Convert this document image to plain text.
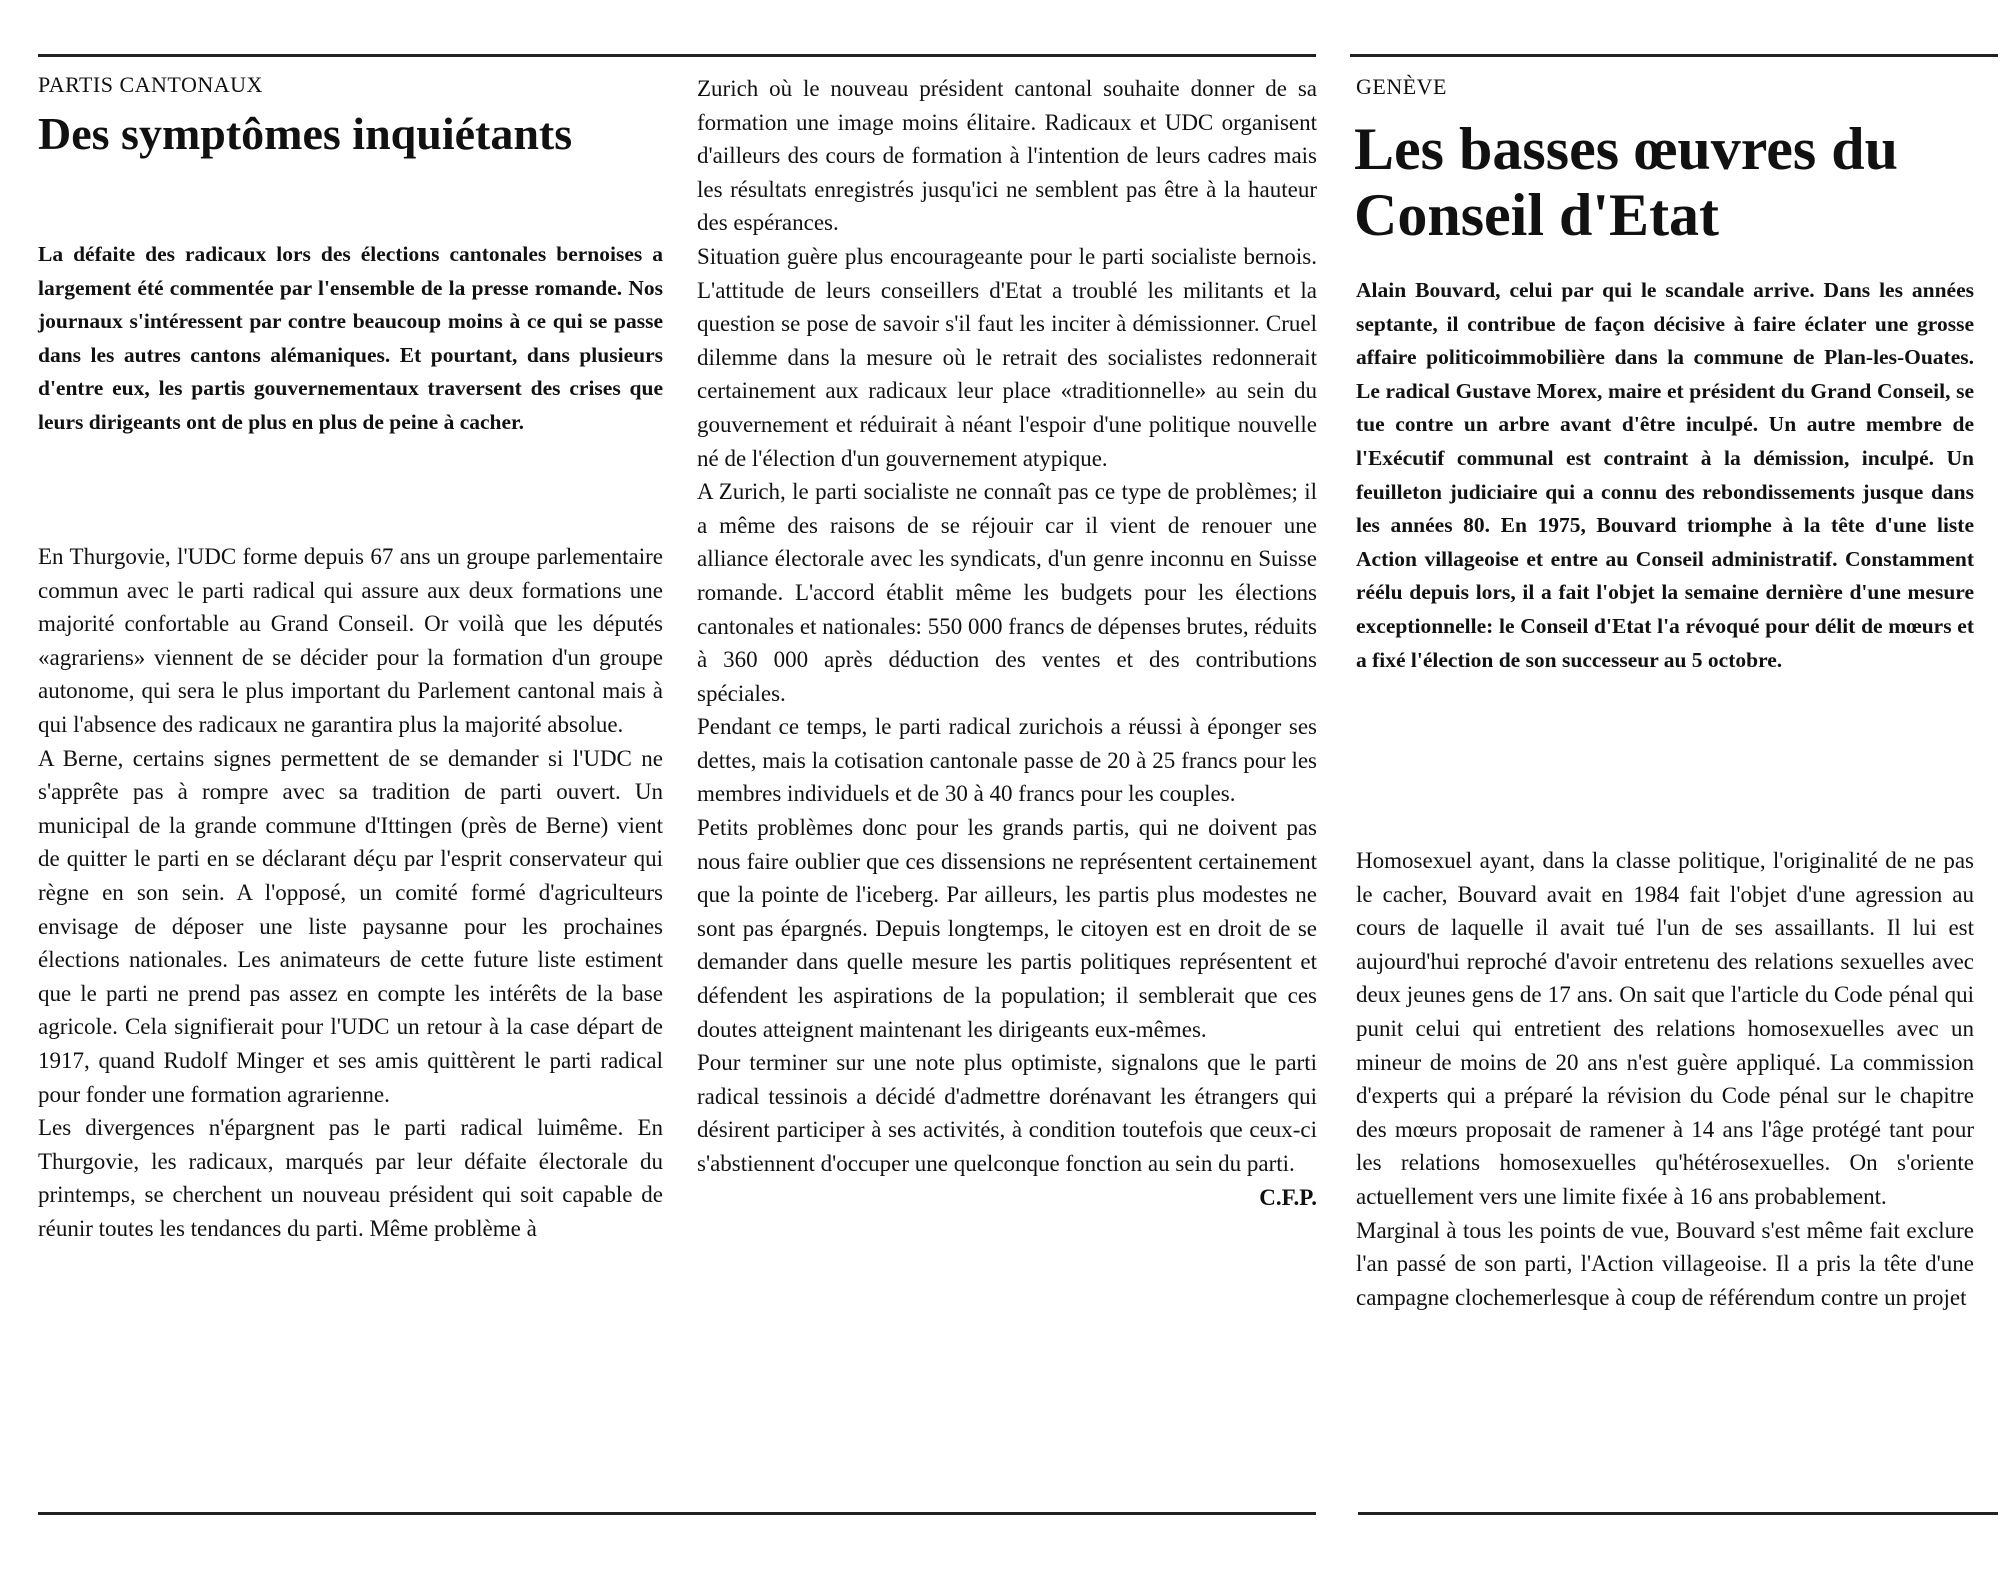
PARTIS CANTONAUX
Des symptômes inquiétants

La défaite des radicaux lors des élections cantonales bernoises a largement été commentée par l'ensemble de la presse romande. Nos journaux s'intéressent par contre beaucoup moins à ce qui se passe dans les autres cantons alémaniques. Et pourtant, dans plusieurs d'entre eux, les partis gouvernementaux traversent des crises que leurs dirigeants ont de plus en plus de peine à cacher.

En Thurgovie, l'UDC forme depuis 67 ans un groupe parlementaire commun avec le parti radical qui assure aux deux formations une majorité confortable au Grand Conseil. Or voilà que les députés «agrariens» viennent de se décider pour la formation d'un groupe autonome, qui sera le plus important du Parlement cantonal mais à qui l'absence des radicaux ne garantira plus la majorité absolue.

A Berne, certains signes permettent de se demander si l'UDC ne s'apprête pas à rompre avec sa tradition de parti ouvert. Un municipal de la grande commune d'Ittingen (près de Berne) vient de quitter le parti en se déclarant déçu par l'esprit conservateur qui règne en son sein. A l'opposé, un comité formé d'agriculteurs envisage de déposer une liste paysanne pour les prochaines élections nationales. Les animateurs de cette future liste estiment que le parti ne prend pas assez en compte les intérêts de la base agricole. Cela signifierait pour l'UDC un retour à la case départ de 1917, quand Rudolf Minger et ses amis quittèrent le parti radical pour fonder une formation agrarienne.

Les divergences n'épargnent pas le parti radical luimême. En Thurgovie, les radicaux, marqués par leur défaite électorale du printemps, se cherchent un nouveau président qui soit capable de réunir toutes les tendances du parti. Même problème à

Zurich où le nouveau président cantonal souhaite donner de sa formation une image moins élitaire. Radicaux et UDC organisent d'ailleurs des cours de formation à l'intention de leurs cadres mais les résultats enregistrés jusqu'ici ne semblent pas être à la hauteur des espérances.

Situation guère plus encourageante pour le parti socialiste bernois. L'attitude de leurs conseillers d'Etat a troublé les militants et la question se pose de savoir s'il faut les inciter à démissionner. Cruel dilemme dans la mesure où le retrait des socialistes redonnerait certainement aux radicaux leur place «traditionnelle» au sein du gouvernement et réduirait à néant l'espoir d'une politique nouvelle né de l'élection d'un gouvernement atypique.

A Zurich, le parti socialiste ne connaît pas ce type de problèmes; il a même des raisons de se réjouir car il vient de renouer une alliance électorale avec les syndicats, d'un genre inconnu en Suisse romande. L'accord établit même les budgets pour les élections cantonales et nationales: 550 000 francs de dépenses brutes, réduits à 360 000 après déduction des ventes et des contributions spéciales.

Pendant ce temps, le parti radical zurichois a réussi à éponger ses dettes, mais la cotisation cantonale passe de 20 à 25 francs pour les membres individuels et de 30 à 40 francs pour les couples.

Petits problèmes donc pour les grands partis, qui ne doivent pas nous faire oublier que ces dissensions ne représentent certainement que la pointe de l'iceberg. Par ailleurs, les partis plus modestes ne sont pas épargnés. Depuis longtemps, le citoyen est en droit de se demander dans quelle mesure les partis politiques représentent et défendent les aspirations de la population; il semblerait que ces doutes atteignent maintenant les dirigeants eux-mêmes.

Pour terminer sur une note plus optimiste, signalons que le parti radical tessinois a décidé d'admettre dorénavant les étrangers qui désirent participer à ses activités, à condition toutefois que ceux-ci s'abstiennent d'occuper une quelconque fonction au sein du parti.
C.F.P.

GENÈVE
Les basses œuvres du Conseil d'Etat

Alain Bouvard, celui par qui le scandale arrive. Dans les années septante, il contribue de façon décisive à faire éclater une grosse affaire politicoimmobilière dans la commune de Plan-les-Ouates. Le radical Gustave Morex, maire et président du Grand Conseil, se tue contre un arbre avant d'être inculpé. Un autre membre de l'Exécutif communal est contraint à la démission, inculpé. Un feuilleton judiciaire qui a connu des rebondissements jusque dans les années 80. En 1975, Bouvard triomphe à la tête d'une liste Action villageoise et entre au Conseil administratif. Constamment réélu depuis lors, il a fait l'objet la semaine dernière d'une mesure exceptionnelle: le Conseil d'Etat l'a révoqué pour délit de mœurs et a fixé l'élection de son successeur au 5 octobre.

Homosexuel ayant, dans la classe politique, l'originalité de ne pas le cacher, Bouvard avait en 1984 fait l'objet d'une agression au cours de laquelle il avait tué l'un de ses assaillants. Il lui est aujourd'hui reproché d'avoir entretenu des relations sexuelles avec deux jeunes gens de 17 ans. On sait que l'article du Code pénal qui punit celui qui entretient des relations homosexuelles avec un mineur de moins de 20 ans n'est guère appliqué. La commission d'experts qui a préparé la révision du Code pénal sur le chapitre des mœurs proposait de ramener à 14 ans l'âge protégé tant pour les relations homosexuelles qu'hétérosexuelles. On s'oriente actuellement vers une limite fixée à 16 ans probablement.

Marginal à tous les points de vue, Bouvard s'est même fait exclure l'an passé de son parti, l'Action villageoise. Il a pris la tête d'une campagne clochemerlesque à coup de référendum contre un projet
